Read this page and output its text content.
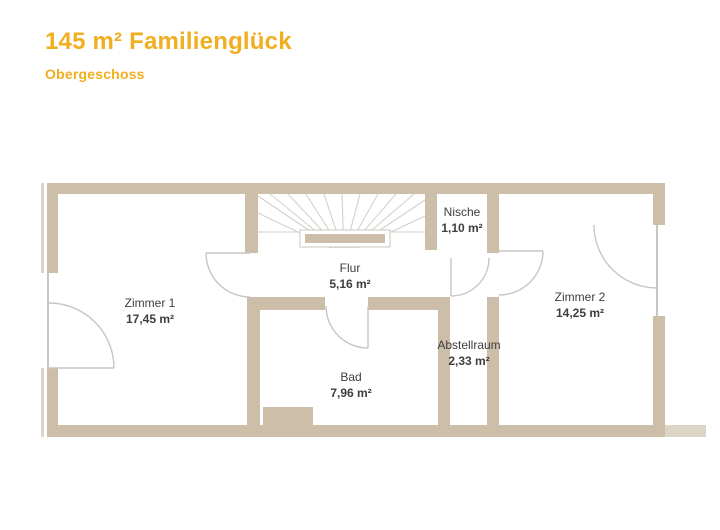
145 m² Familienglück
Obergeschoss
Zimmer 1
17,45 m²
Flur
5,16 m²
Nische
1,10 m²
Zimmer 2
14,25 m²
Abstellraum
2,33 m²
Bad
7,96 m²
